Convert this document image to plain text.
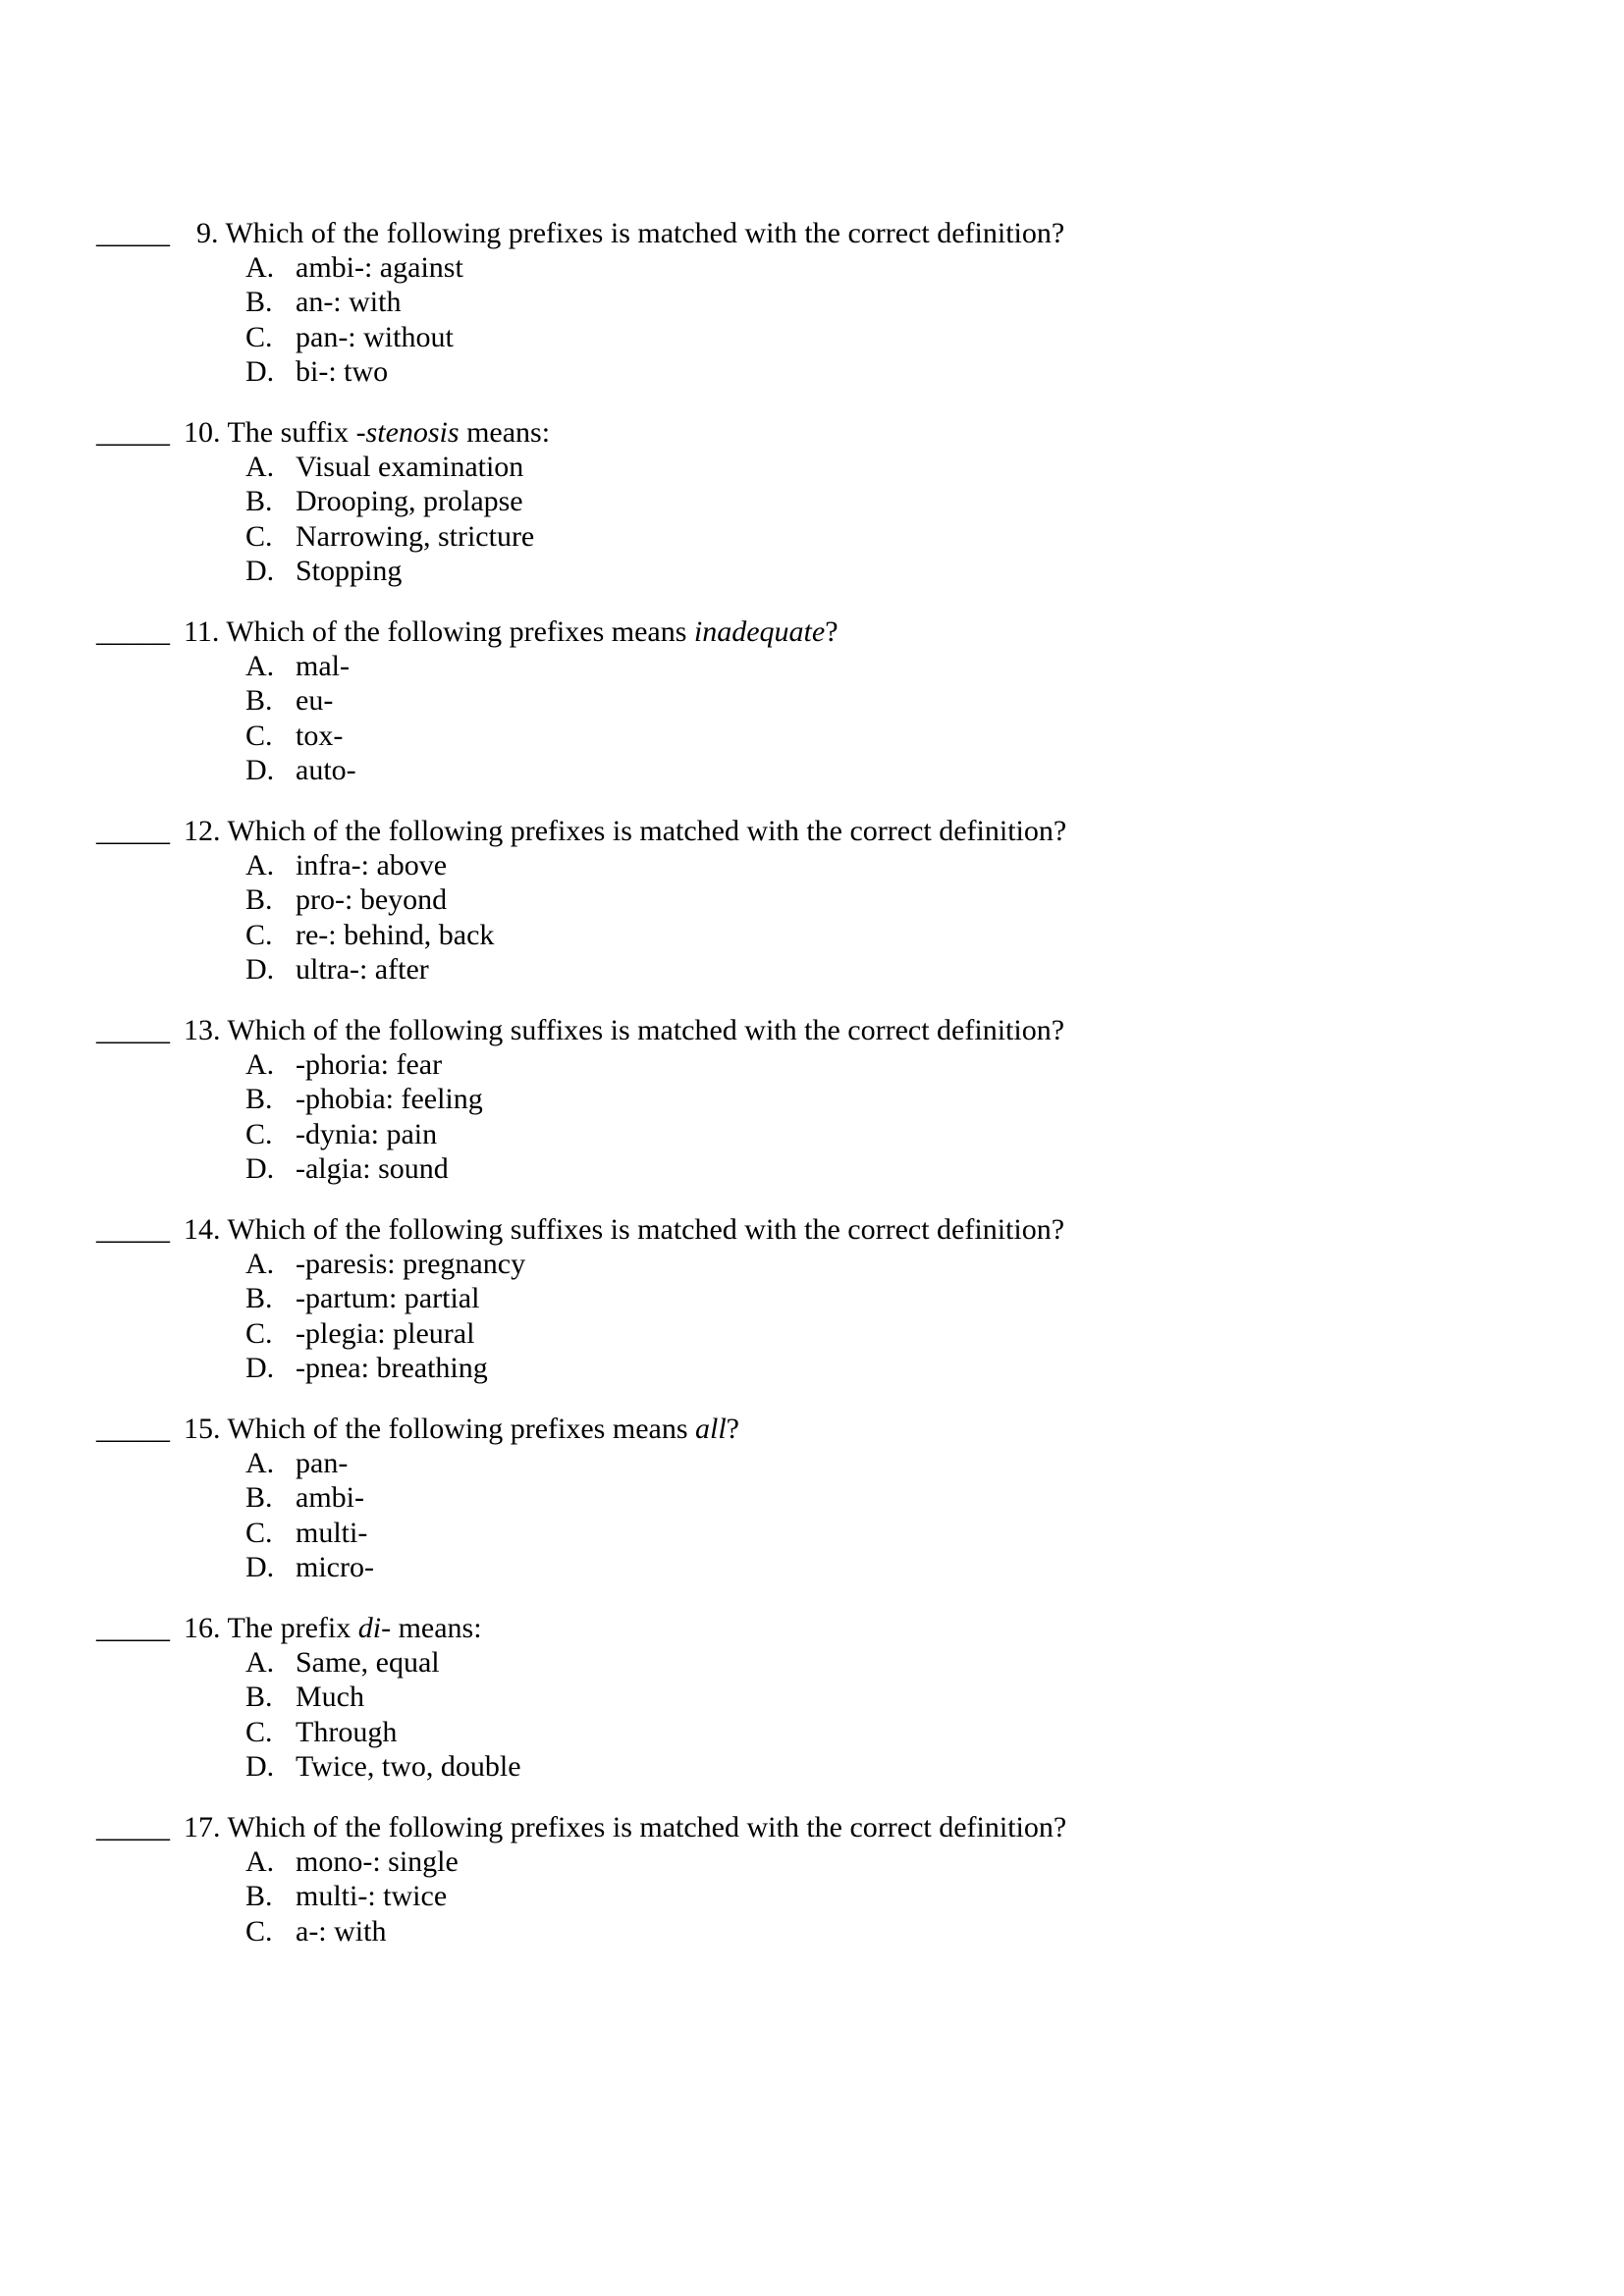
_____ 9. Which of the following prefixes is matched with the correct definition?
A. ambi-: against
B. an-: with
C. pan-: without
D. bi-: two
_____ 10. The suffix -stenosis means:
A. Visual examination
B. Drooping, prolapse
C. Narrowing, stricture
D. Stopping
_____ 11. Which of the following prefixes means inadequate?
A. mal-
B. eu-
C. tox-
D. auto-
_____ 12. Which of the following prefixes is matched with the correct definition?
A. infra-: above
B. pro-: beyond
C. re-: behind, back
D. ultra-: after
_____ 13. Which of the following suffixes is matched with the correct definition?
A. -phoria: fear
B. -phobia: feeling
C. -dynia: pain
D. -algia: sound
_____ 14. Which of the following suffixes is matched with the correct definition?
A. -paresis: pregnancy
B. -partum: partial
C. -plegia: pleural
D. -pnea: breathing
_____ 15. Which of the following prefixes means all?
A. pan-
B. ambi-
C. multi-
D. micro-
_____ 16. The prefix di- means:
A. Same, equal
B. Much
C. Through
D. Twice, two, double
_____ 17. Which of the following prefixes is matched with the correct definition?
A. mono-: single
B. multi-: twice
C. a-: with
